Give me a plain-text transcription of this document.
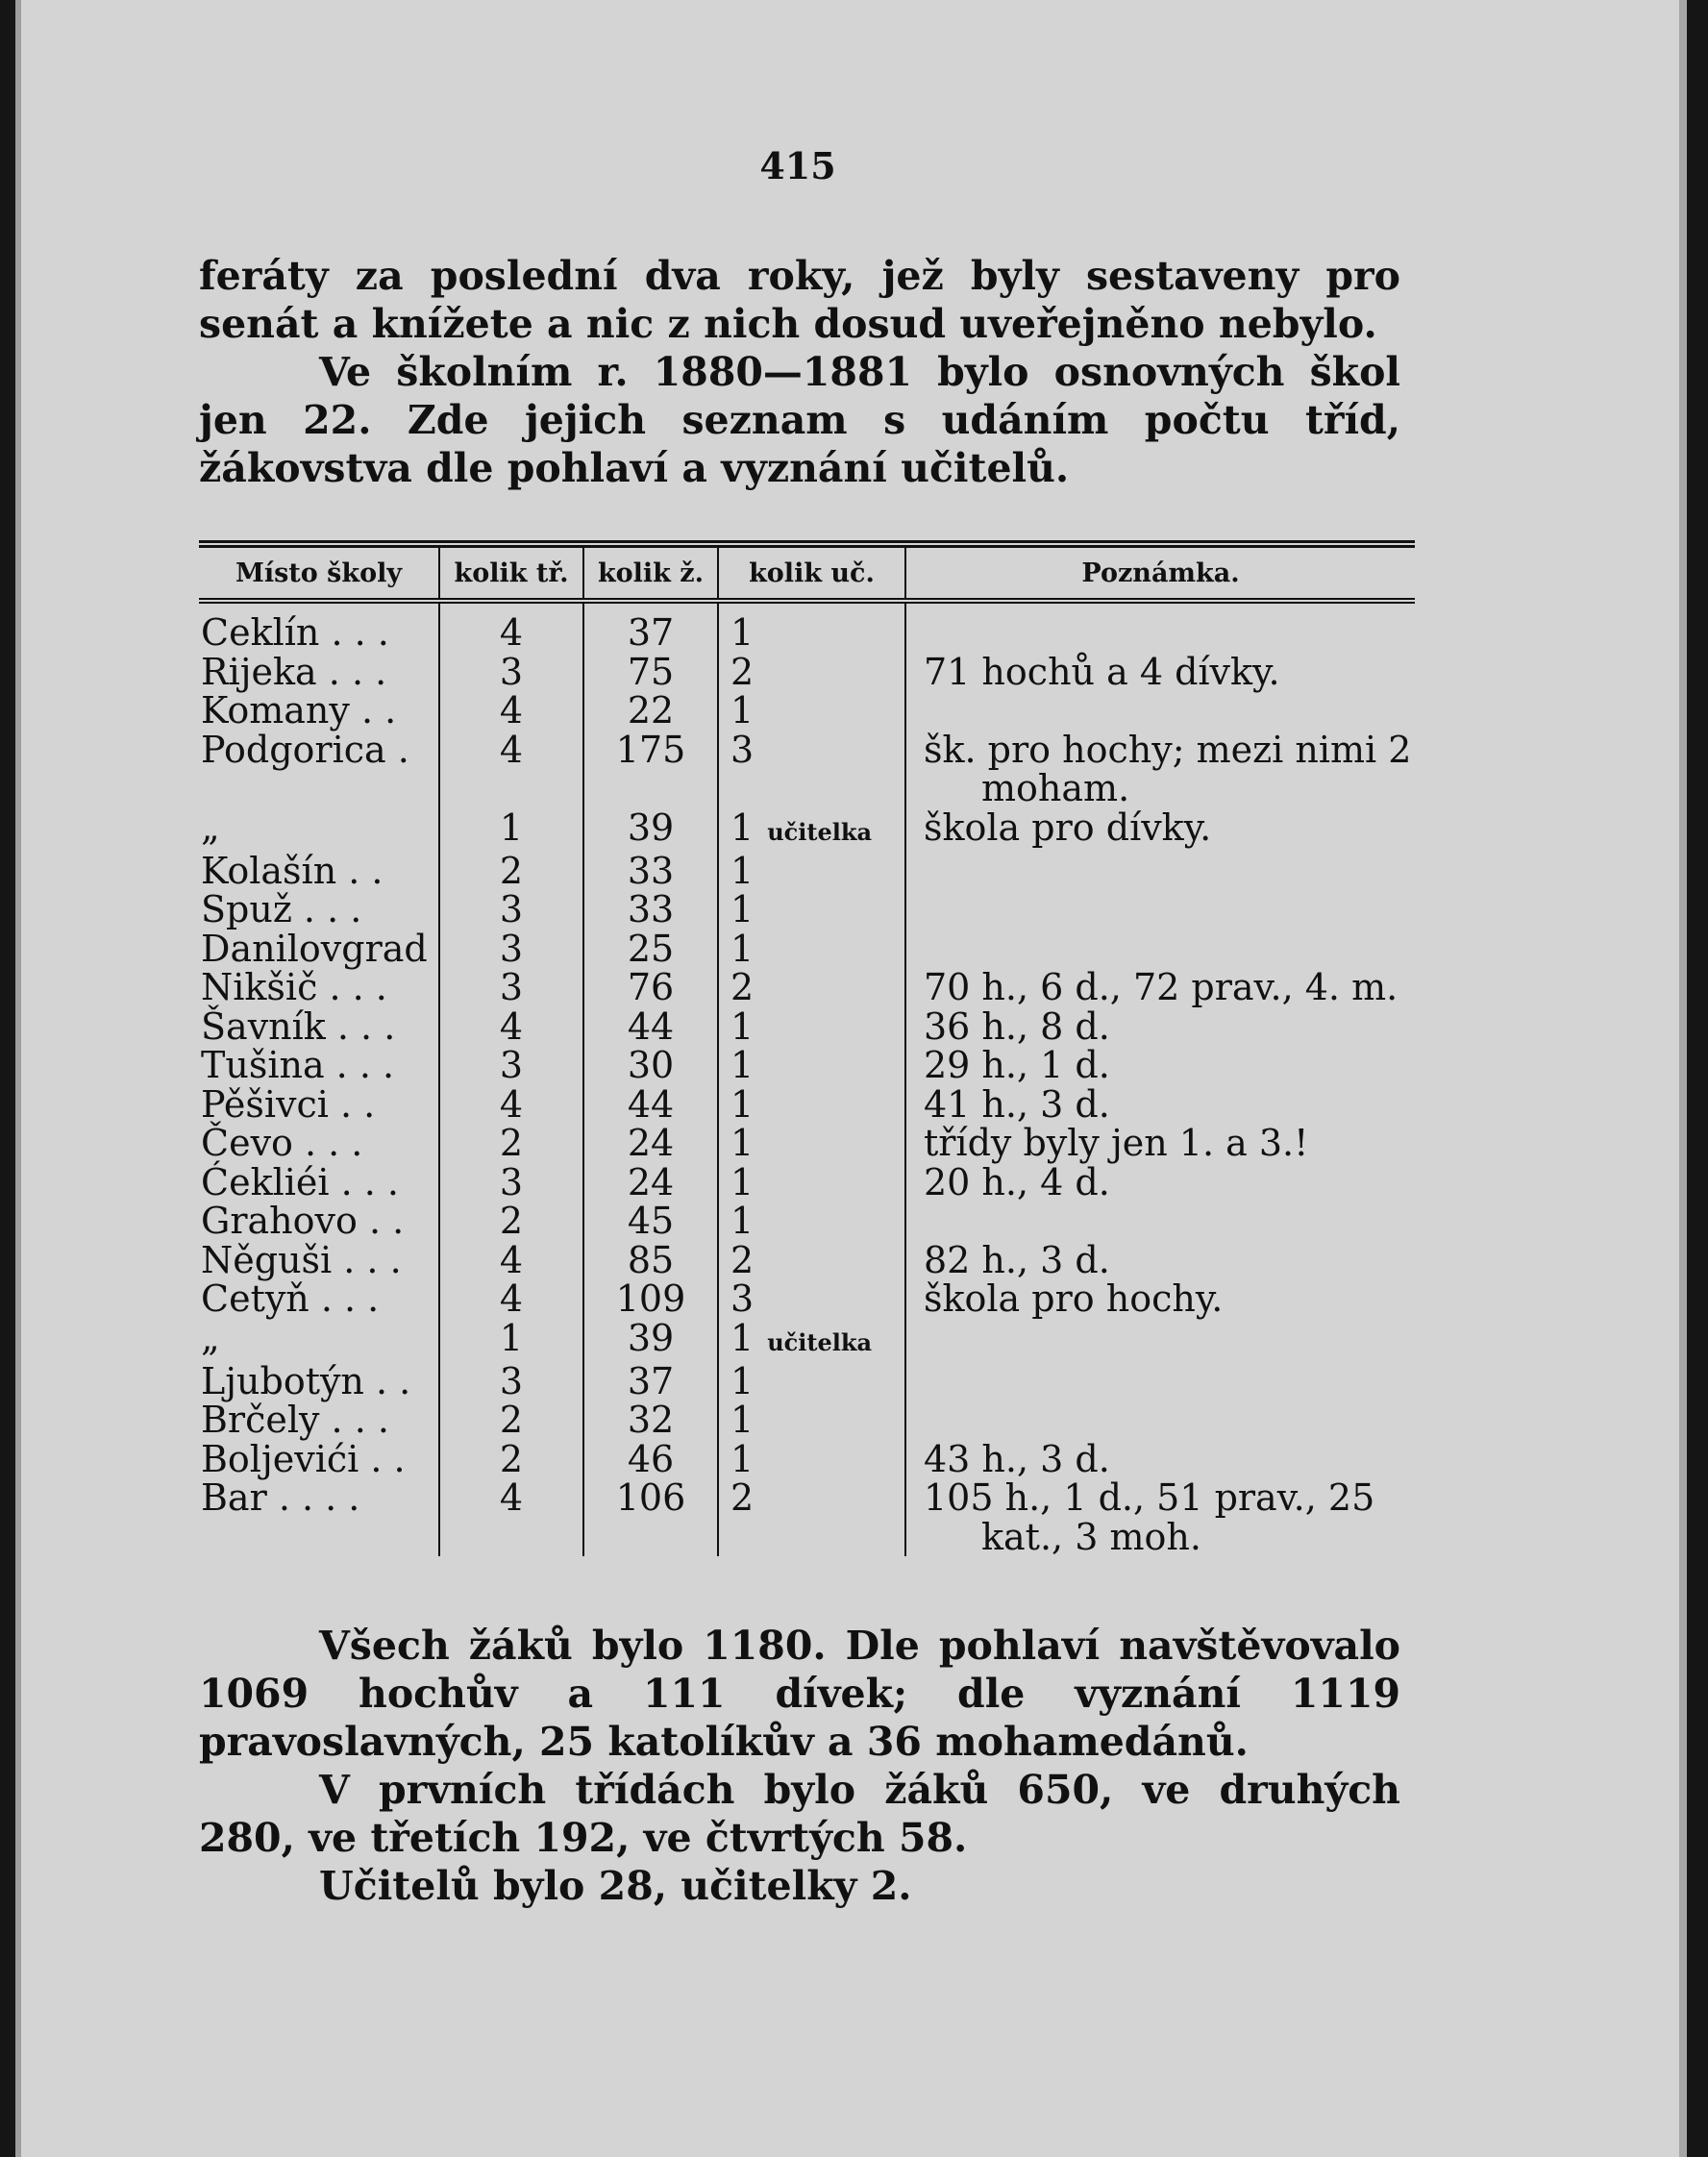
415

feráty za poslední dva roky, jež byly sestaveny pro senát a knížete a nic z nich dosud uveřejněno nebylo.

Ve školním r. 1880—1881 bylo osnovných škol jen 22. Zde jejich seznam s udáním počtu tříd, žákovstva dle pohlaví a vyznání učitelů.

Místo školy	kolik tř.	kolik ž.	kolik uč.	Poznámka.

Ceklín . . .	4	37	1	
Rijeka . . .	3	75	2	71 hochů a 4 dívky.
Komany . .	4	22	1	
Podgorica .	4	175	3	šk. pro hochy; mezi nimi 2
				moham.
„	1	39	1 učitelka	škola pro dívky.
Kolašín . .	2	33	1	
Spuž . . .	3	33	1	
Danilovgrad	3	25	1	
Nikšič . . .	3	76	2	70 h., 6 d., 72 prav., 4. m.
Šavník . . .	4	44	1	36 h., 8 d.
Tušina . . .	3	30	1	29 h., 1 d.
Pěšivci . .	4	44	1	41 h., 3 d.
Čevo . . .	2	24	1	třídy byly jen 1. a 3.!
Ćekliéi . . .	3	24	1	20 h., 4 d.
Grahovo . .	2	45	1	
Něguši . . .	4	85	2	82 h., 3 d.
Cetyň . . .	4	109	3	škola pro hochy.
„	1	39	1 učitelka	
Ljubotýn . .	3	37	1	
Brčely . . .	2	32	1	
Boljevići . .	2	46	1	43 h., 3 d.
Bar . . . .	4	106	2	105 h., 1 d., 51 prav., 25
				kat., 3 moh.

Všech žáků bylo 1180. Dle pohlaví navštěvovalo 1069 hochův a 111 dívek; dle vyznání 1119 pravoslavných, 25 katolíkův a 36 mohamedánů.

V prvních třídách bylo žáků 650, ve druhých 280, ve třetích 192, ve čtvrtých 58.

Učitelů bylo 28, učitelky 2.
